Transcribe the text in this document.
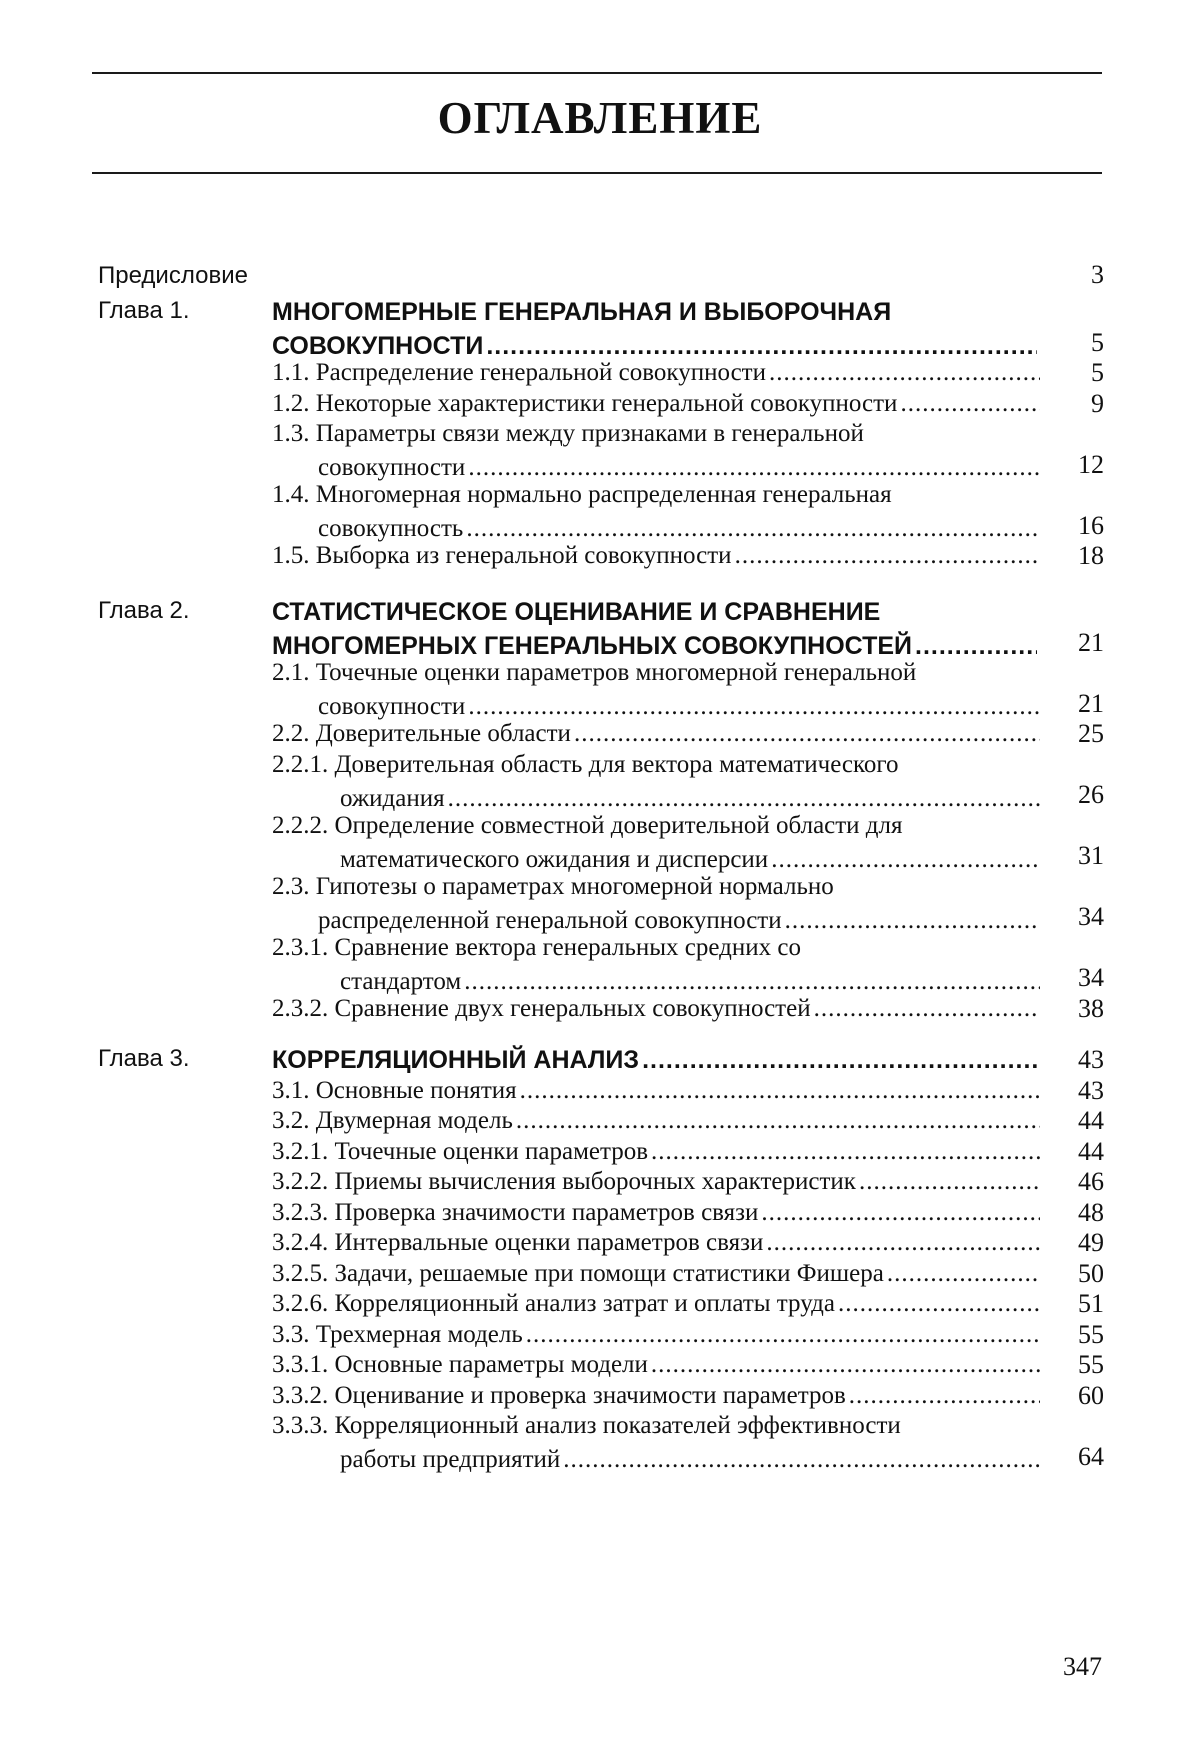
ОГЛАВЛЕНИЕ
Предисловие	3
Глава 1.	МНОГОМЕРНЫЕ ГЕНЕРАЛЬНАЯ И ВЫБОРОЧНАЯ
СОВОКУПНОСТИ .....	5
1.1. Распределение генеральной совокупности .....	5
1.2. Некоторые характеристики генеральной совокупности .....	9
1.3. Параметры связи между признаками в генеральной
совокупности .....	12
1.4. Многомерная нормально распределенная генеральная
совокупность .....	16
1.5. Выборка из генеральной совокупности .....	18
Глава 2.	СТАТИСТИЧЕСКОЕ ОЦЕНИВАНИЕ И СРАВНЕНИЕ
МНОГОМЕРНЫХ ГЕНЕРАЛЬНЫХ СОВОКУПНОСТЕЙ .....	21
2.1. Точечные оценки параметров многомерной генеральной
совокупности .....	21
2.2. Доверительные области .....	25
2.2.1. Доверительная область для вектора математического
ожидания .....	26
2.2.2. Определение совместной доверительной области для
математического ожидания и дисперсии .....	31
2.3. Гипотезы о параметрах многомерной нормально
распределенной генеральной совокупности .....	34
2.3.1. Сравнение вектора генеральных средних со
стандартом .....	34
2.3.2. Сравнение двух генеральных совокупностей .....	38
Глава 3.	КОРРЕЛЯЦИОННЫЙ АНАЛИЗ .....	43
3.1. Основные понятия .....	43
3.2. Двумерная модель .....	44
3.2.1. Точечные оценки параметров .....	44
3.2.2. Приемы вычисления выборочных характеристик .....	46
3.2.3. Проверка значимости параметров связи .....	48
3.2.4. Интервальные оценки параметров связи .....	49
3.2.5. Задачи, решаемые при помощи статистики Фишера .....	50
3.2.6. Корреляционный анализ затрат и оплаты труда .....	51
3.3. Трехмерная модель .....	55
3.3.1. Основные параметры модели .....	55
3.3.2. Оценивание и проверка значимости параметров .....	60
3.3.3. Корреляционный анализ показателей эффективности
работы предприятий .....	64
347
